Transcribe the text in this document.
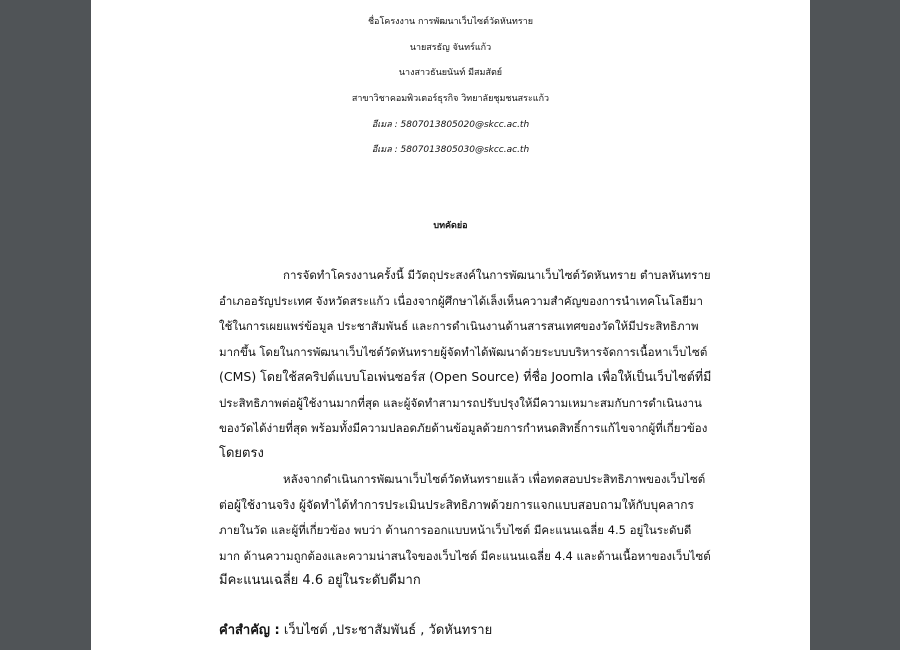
ชื่อโครงงาน การพัฒนาเว็บไซต์วัดหันทราย
นายสรธัญ จันทร์แก้ว
นางสาวธันยนันท์ มีสมสัตย์
สาขาวิชาคอมพิวเตอร์ธุรกิจ วิทยาลัยชุมชนสระแก้ว
อีเมล : 5807013805020@skcc.ac.th
อีเมล : 5807013805030@skcc.ac.th
บทคัดย่อ
การจัดทำโครงงานครั้งนี้ มีวัตถุประสงค์ในการพัฒนาเว็บไซต์วัดหันทราย ตำบลหันทราย
อำเภออรัญประเทศ จังหวัดสระแก้ว เนื่องจากผู้ศึกษาได้เล็งเห็นความสำคัญของการนำเทคโนโลยีมา
ใช้ในการเผยแพร่ข้อมูล ประชาสัมพันธ์ และการดำเนินงานด้านสารสนเทศของวัดให้มีประสิทธิภาพ
มากขึ้น โดยในการพัฒนาเว็บไซต์วัดหันทรายผู้จัดทำได้พัฒนาด้วยระบบบริหารจัดการเนื้อหาเว็บไซต์
(CMS) โดยใช้สคริปต์แบบโอเพ่นซอร์ส (Open Source) ที่ชื่อ Joomla เพื่อให้เป็นเว็บไซต์ที่มี
ประสิทธิภาพต่อผู้ใช้งานมากที่สุด และผู้จัดทำสามารถปรับปรุงให้มีความเหมาะสมกับการดำเนินงาน
ของวัดได้ง่ายที่สุด พร้อมทั้งมีความปลอดภัยด้านข้อมูลด้วยการกำหนดสิทธิ์การแก้ไขจากผู้ที่เกี่ยวข้อง
โดยตรง
หลังจากดำเนินการพัฒนาเว็บไซต์วัดหันทรายแล้ว เพื่อทดสอบประสิทธิภาพของเว็บไซต์
ต่อผู้ใช้งานจริง ผู้จัดทำได้ทำการประเมินประสิทธิภาพด้วยการแจกแบบสอบถามให้กับบุคลากร
ภายในวัด และผู้ที่เกี่ยวข้อง พบว่า ด้านการออกแบบหน้าเว็บไซต์ มีคะแนนเฉลี่ย 4.5 อยู่ในระดับดี
มาก ด้านความถูกต้องและความน่าสนใจของเว็บไซต์ มีคะแนนเฉลี่ย 4.4 และด้านเนื้อหาของเว็บไซต์
มีคะแนนเฉลี่ย 4.6 อยู่ในระดับดีมาก
คำสำคัญ : เว็บไซต์ ,ประชาสัมพันธ์ , วัดหันทราย
